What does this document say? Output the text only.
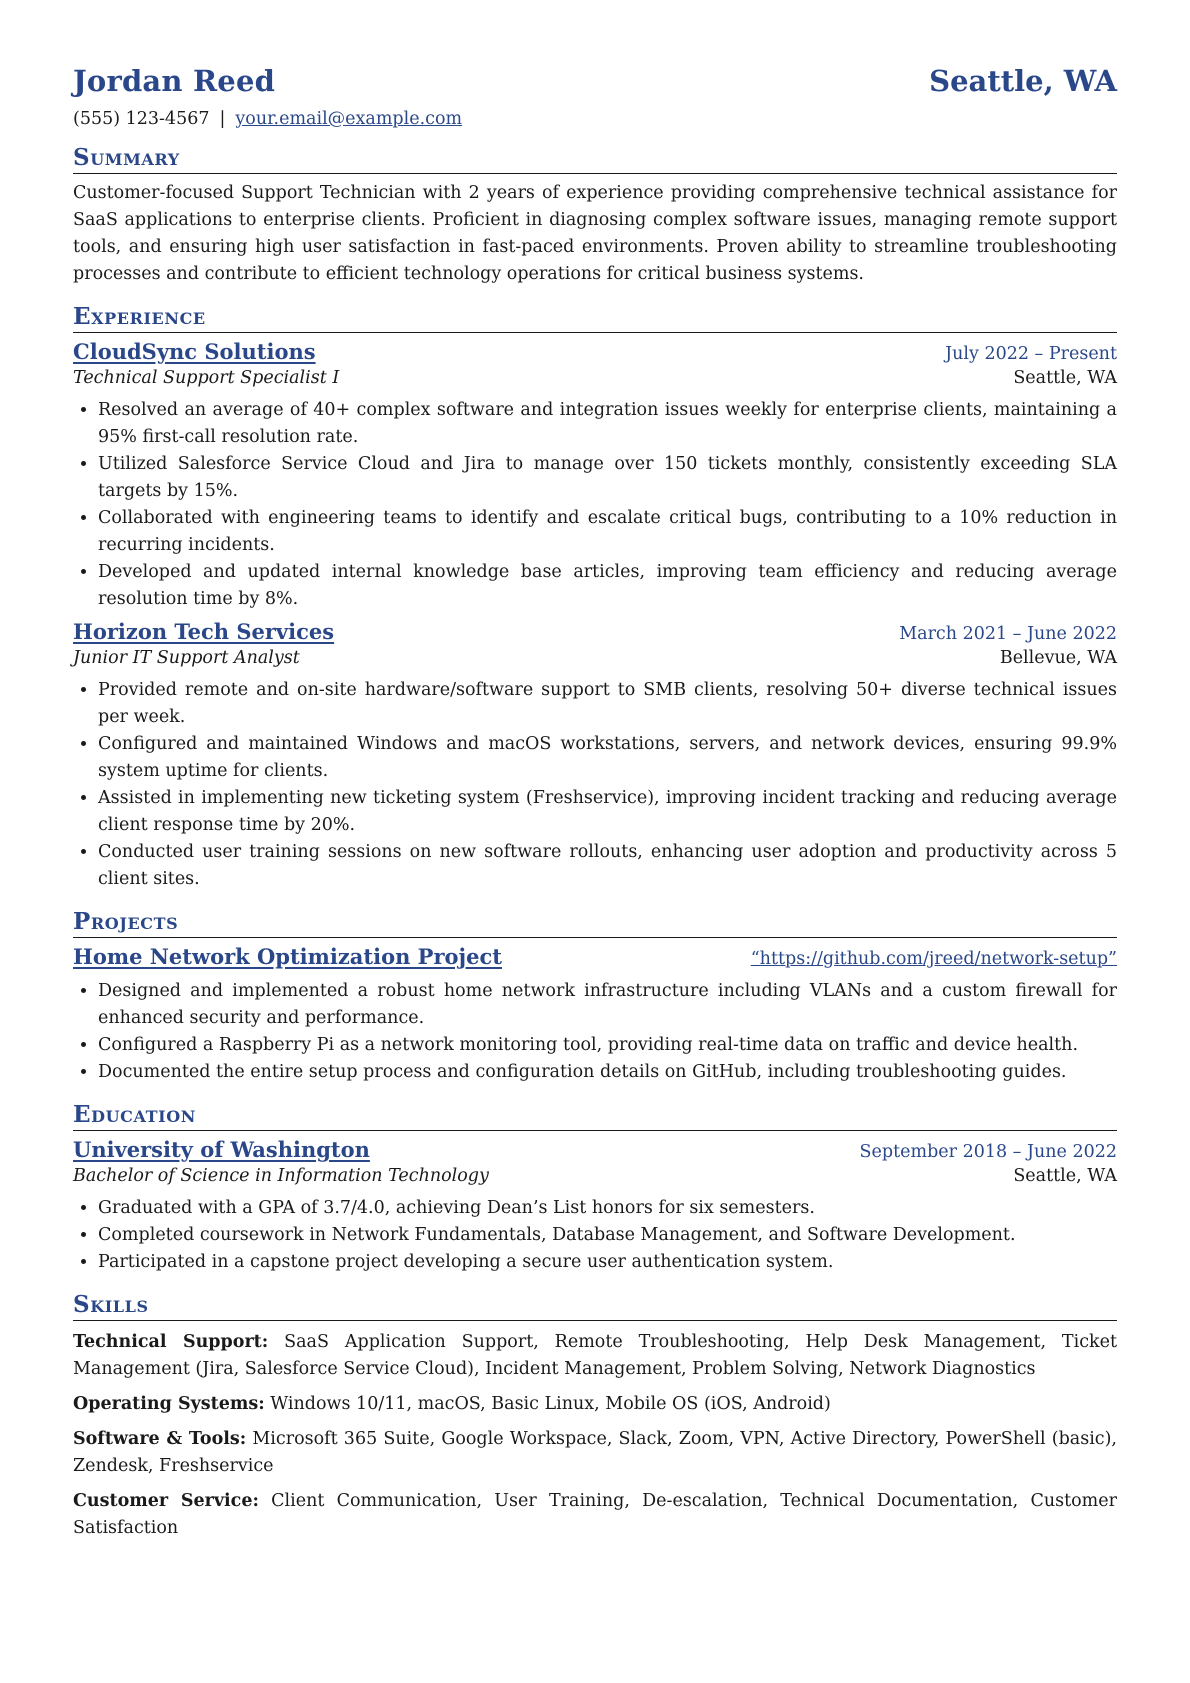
Jordan Reed	Seattle, WA
(555) 123-4567 | your.email@example.com
Summary
Customer-focused Support Technician with 2 years of experience providing comprehensive technical assistance for SaaS applications to enterprise clients. Proficient in diagnosing complex software issues, managing remote support tools, and ensuring high user satisfaction in fast-paced environments. Proven ability to streamline troubleshooting processes and contribute to efficient technology operations for critical business systems.
Experience
CloudSync Solutions	July 2022 – Present
Technical Support Specialist I	Seattle, WA
• Resolved an average of 40+ complex software and integration issues weekly for enterprise clients, maintaining a 95% first-call resolution rate.
• Utilized Salesforce Service Cloud and Jira to manage over 150 tickets monthly, consistently exceeding SLA targets by 15%.
• Collaborated with engineering teams to identify and escalate critical bugs, contributing to a 10% reduction in recurring incidents.
• Developed and updated internal knowledge base articles, improving team efficiency and reducing average resolution time by 8%.
Horizon Tech Services	March 2021 – June 2022
Junior IT Support Analyst	Bellevue, WA
• Provided remote and on-site hardware/software support to SMB clients, resolving 50+ diverse technical issues per week.
• Configured and maintained Windows and macOS workstations, servers, and network devices, ensuring 99.9% system uptime for clients.
• Assisted in implementing new ticketing system (Freshservice), improving incident tracking and reducing average client response time by 20%.
• Conducted user training sessions on new software rollouts, enhancing user adoption and productivity across 5 client sites.
Projects
Home Network Optimization Project	“https://github.com/jreed/network-setup”
• Designed and implemented a robust home network infrastructure including VLANs and a custom firewall for enhanced security and performance.
• Configured a Raspberry Pi as a network monitoring tool, providing real-time data on traffic and device health.
• Documented the entire setup process and configuration details on GitHub, including troubleshooting guides.
Education
University of Washington	September 2018 – June 2022
Bachelor of Science in Information Technology	Seattle, WA
• Graduated with a GPA of 3.7/4.0, achieving Dean’s List honors for six semesters.
• Completed coursework in Network Fundamentals, Database Management, and Software Development.
• Participated in a capstone project developing a secure user authentication system.
Skills
Technical Support: SaaS Application Support, Remote Troubleshooting, Help Desk Management, Ticket Management (Jira, Salesforce Service Cloud), Incident Management, Problem Solving, Network Diagnostics
Operating Systems: Windows 10/11, macOS, Basic Linux, Mobile OS (iOS, Android)
Software & Tools: Microsoft 365 Suite, Google Workspace, Slack, Zoom, VPN, Active Directory, PowerShell (basic), Zendesk, Freshservice
Customer Service: Client Communication, User Training, De-escalation, Technical Documentation, Customer Satisfaction
